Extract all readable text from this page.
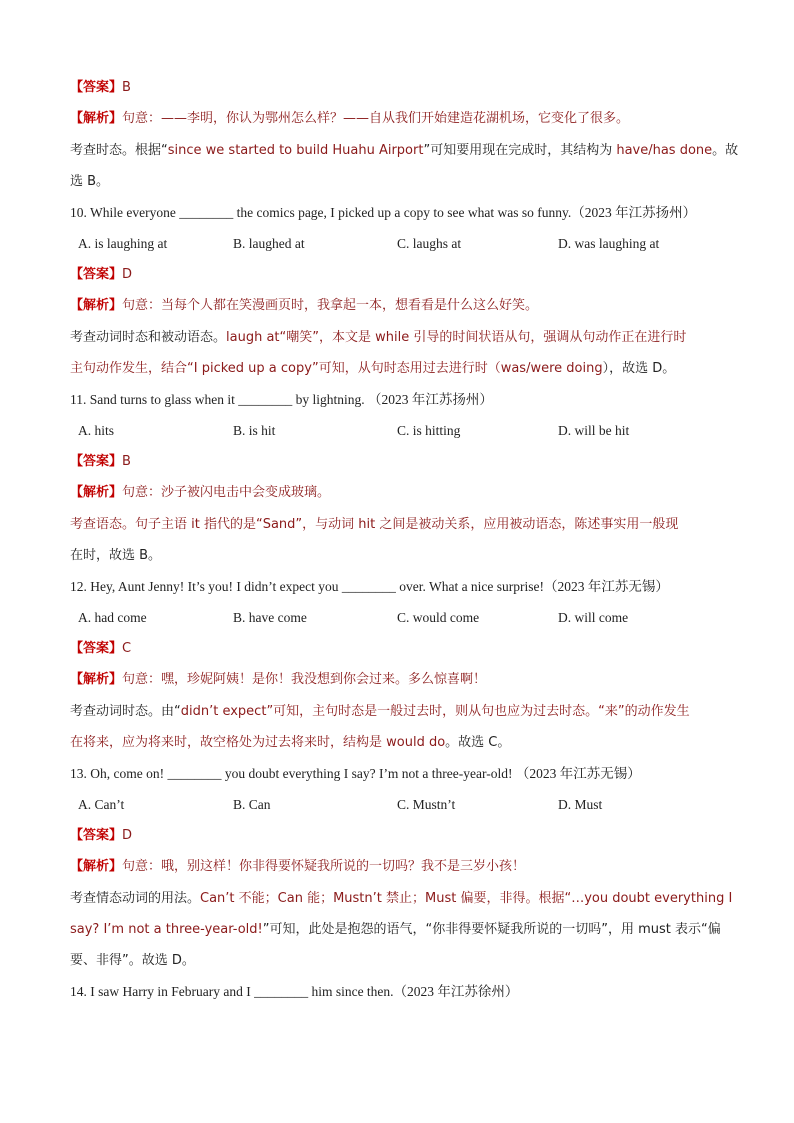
【答案】B
【解析】句意：——李明，你认为鄂州怎么样？——自从我们开始建造花湖机场，它变化了很多。
考查时态。根据“since we started to build Huahu Airport”可知要用现在完成时，其结构为 have/has done。故
选 B。
10. While everyone ________ the comics page, I picked up a copy to see what was so funny.（2023 年江苏扬州）
A. is laughing at	B. laughed at	C. laughs at	D. was laughing at
【答案】D
【解析】句意：当每个人都在笑漫画页时，我拿起一本，想看看是什么这么好笑。
考查动词时态和被动语态。laugh at“嘲笑”，本文是 while 引导的时间状语从句，强调从句动作正在进行时
主句动作发生，结合“I picked up a copy”可知，从句时态用过去进行时（was/were doing），故选 D。
11. Sand turns to glass when it ________ by lightning. （2023 年江苏扬州）
A. hits	B. is hit	C. is hitting	D. will be hit
【答案】B
【解析】句意：沙子被闪电击中会变成玻璃。
考查语态。句子主语 it 指代的是“Sand”，与动词 hit 之间是被动关系，应用被动语态，陈述事实用一般现
在时，故选 B。
12. Hey, Aunt Jenny! It’s you! I didn’t expect you ________ over. What a nice surprise!（2023 年江苏无锡）
A. had come	B. have come	C. would come	D. will come
【答案】C
【解析】句意：嘿，珍妮阿姨！是你！我没想到你会过来。多么惊喜啊！
考查动词时态。由“didn’t expect”可知，主句时态是一般过去时，则从句也应为过去时态。“来”的动作发生
在将来，应为将来时，故空格处为过去将来时，结构是 would do。故选 C。
13. Oh, come on! ________ you doubt everything I say? I’m not a three-year-old! （2023 年江苏无锡）
A. Can’t	B. Can	C. Mustn’t	D. Must
【答案】D
【解析】句意：哦，别这样！你非得要怀疑我所说的一切吗？我不是三岁小孩！
考查情态动词的用法。Can’t 不能；Can 能；Mustn’t 禁止；Must 偏要，非得。根据“…you doubt everything I
say? I’m not a three-year-old!”可知，此处是抱怨的语气，“你非得要怀疑我所说的一切吗”，用 must 表示“偏
要、非得”。故选 D。
14. I saw Harry in February and I ________ him since then.（2023 年江苏徐州）
